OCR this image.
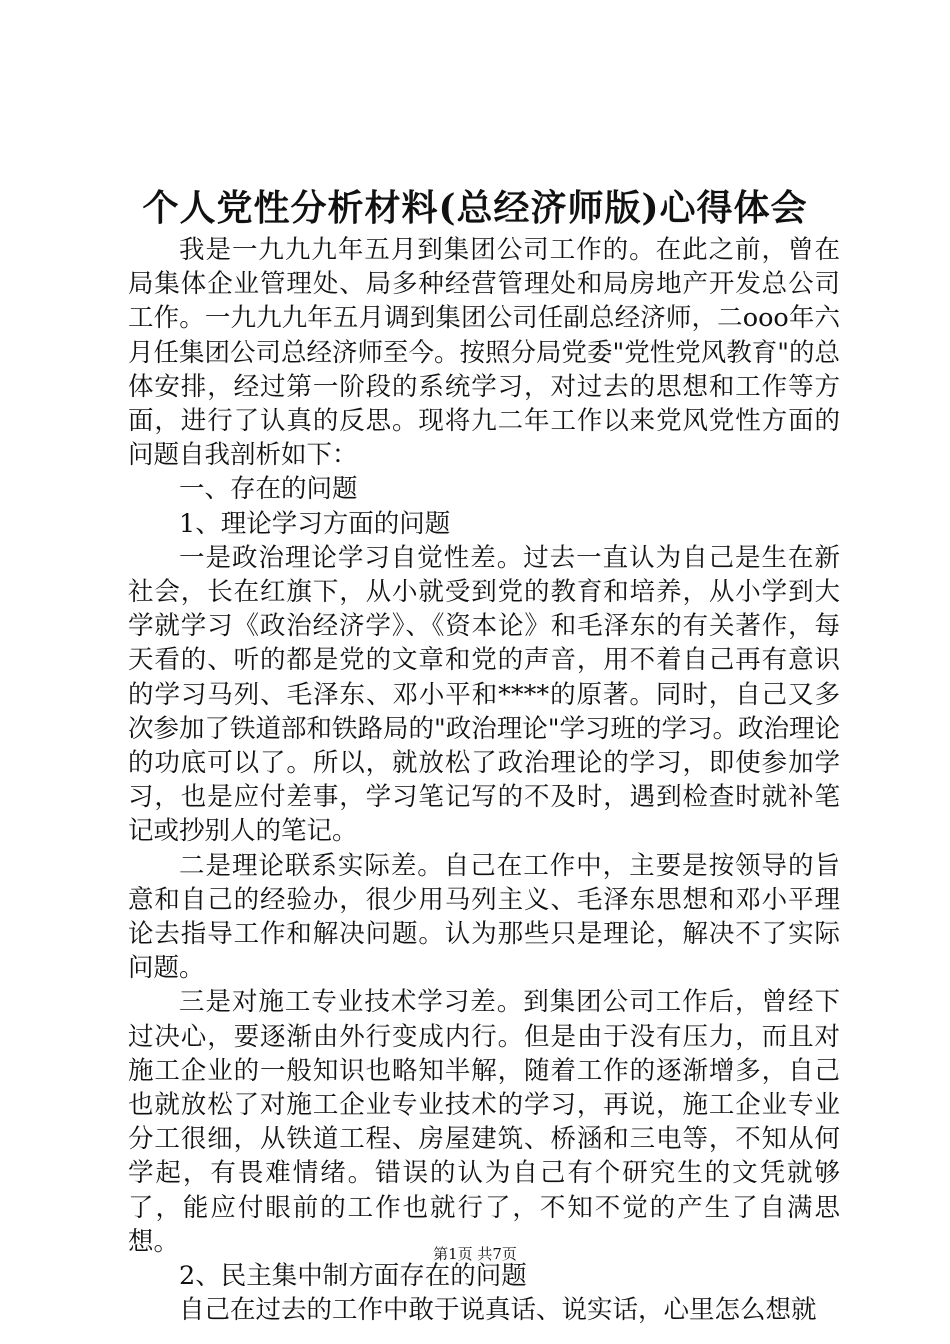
个人党性分析材料(总经济师版)心得体会

我是一九九九年五月到集团公司工作的。在此之前，曾在局集体企业管理处、局多种经营管理处和局房地产开发总公司工作。一九九九年五月调到集团公司任副总经济师，二ooo年六月任集团公司总经济师至今。按照分局党委"党性党风教育"的总体安排，经过第一阶段的系统学习，对过去的思想和工作等方面，进行了认真的反思。现将九二年工作以来党风党性方面的问题自我剖析如下：

一、存在的问题

1、理论学习方面的问题

一是政治理论学习自觉性差。过去一直认为自己是生在新社会，长在红旗下，从小就受到党的教育和培养，从小学到大学就学习《政治经济学》、《资本论》和毛泽东的有关著作，每天看的、听的都是党的文章和党的声音，用不着自己再有意识的学习马列、毛泽东、邓小平和****的原著。同时，自己又多次参加了铁道部和铁路局的"政治理论"学习班的学习。政治理论的功底可以了。所以，就放松了政治理论的学习，即使参加学习，也是应付差事，学习笔记写的不及时，遇到检查时就补笔记或抄别人的笔记。

二是理论联系实际差。自己在工作中，主要是按领导的旨意和自己的经验办，很少用马列主义、毛泽东思想和邓小平理论去指导工作和解决问题。认为那些只是理论，解决不了实际问题。

三是对施工专业技术学习差。到集团公司工作后，曾经下过决心，要逐渐由外行变成内行。但是由于没有压力，而且对施工企业的一般知识也略知半解，随着工作的逐渐增多，自己也就放松了对施工企业专业技术的学习，再说，施工企业专业分工很细，从铁道工程、房屋建筑、桥涵和三电等，不知从何学起，有畏难情绪。错误的认为自己有个研究生的文凭就够了，能应付眼前的工作也就行了，不知不觉的产生了自满思想。

2、民主集中制方面存在的问题

自己在过去的工作中敢于说真话、说实话，心里怎么想就

第1页 共7页
